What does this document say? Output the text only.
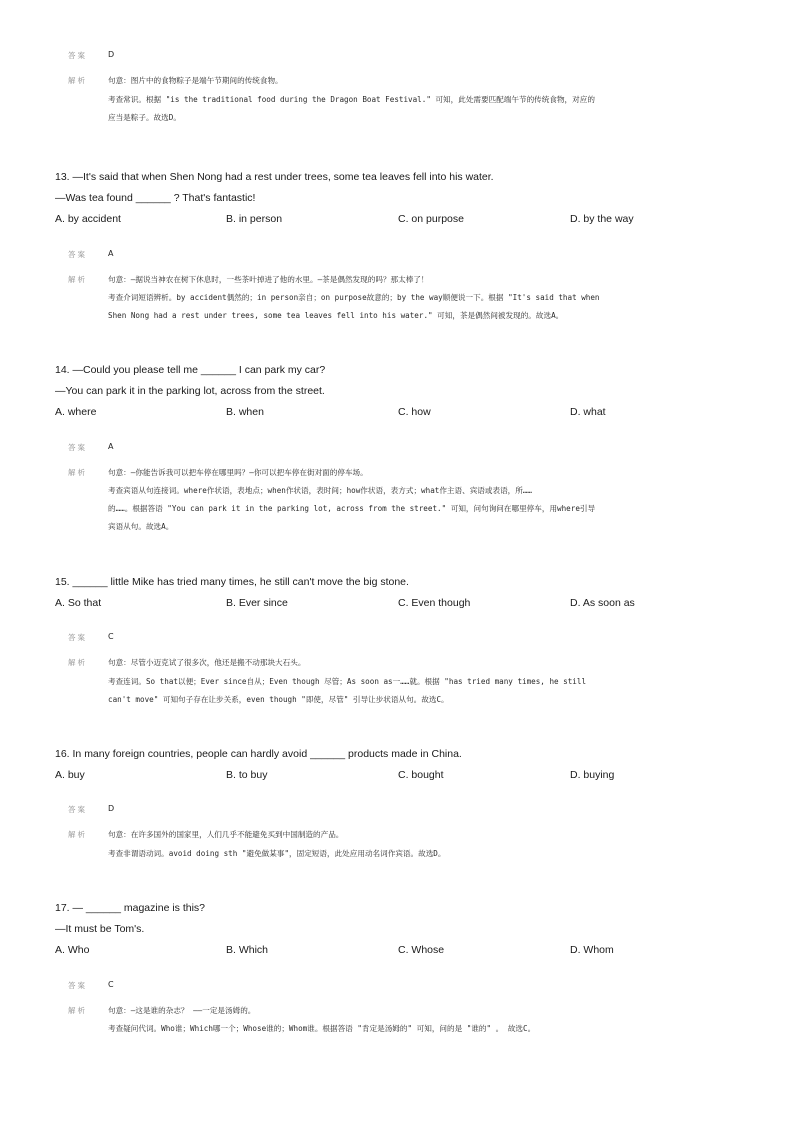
答案	D
解析	句意：图片中的食物粽子是端午节期间的传统食物。
考查常识。根据 "is the traditional food during the Dragon Boat Festival." 可知，此处需要匹配端午节的传统食物，对应的
应当是粽子。故选D。
13. —It's said that when Shen Nong had a rest under trees, some tea leaves fell into his water.
—Was tea found ______ ? That's fantastic!
A. by accident	B. in person	C. on purpose	D. by the way
答案	A
解析	句意：—据说当神农在树下休息时，一些茶叶掉进了他的水里。—茶是偶然发现的吗？那太棒了！
考查介词短语辨析。by accident偶然的；in person亲自；on purpose故意的；by the way顺便说一下。根据 "It's said that when
Shen Nong had a rest under trees, some tea leaves fell into his water." 可知，茶是偶然间被发现的。故选A。
14. —Could you please tell me ______ I can park my car?
—You can park it in the parking lot, across from the street.
A. where	B. when	C. how	D. what
答案	A
解析	句意：—你能告诉我可以把车停在哪里吗？—你可以把车停在街对面的停车场。
考查宾语从句连接词。where作状语，表地点；when作状语，表时间；how作状语，表方式；what作主语、宾语或表语，所……
的……。根据答语 "You can park it in the parking lot, across from the street." 可知，问句询问在哪里停车，用where引导
宾语从句。故选A。
15. ______ little Mike has tried many times, he still can't move the big stone.
A. So that	B. Ever since	C. Even though	D. As soon as
答案	C
解析	句意：尽管小迈克试了很多次，他还是搬不动那块大石头。
考查连词。So that以便；Ever since自从；Even though 尽管；As soon as一……就。根据 "has tried many times, he still
can't move" 可知句子存在让步关系，even though "即使，尽管" 引导让步状语从句。故选C。
16. In many foreign countries, people can hardly avoid ______ products made in China.
A. buy	B. to buy	C. bought	D. buying
答案	D
解析	句意：在许多国外的国家里，人们几乎不能避免买到中国制造的产品。
考查非谓语动词。avoid doing sth "避免做某事"，固定短语，此处应用动名词作宾语。故选D。
17. — ______ magazine is this?
—It must be Tom's.
A. Who	B. Which	C. Whose	D. Whom
答案	C
解析	句意：—这是谁的杂志？ ——一定是汤姆的。
考查疑问代词。Who谁；Which哪一个；Whose谁的；Whom谁。根据答语 "肯定是汤姆的" 可知，问的是 "谁的" 。 故选C。
